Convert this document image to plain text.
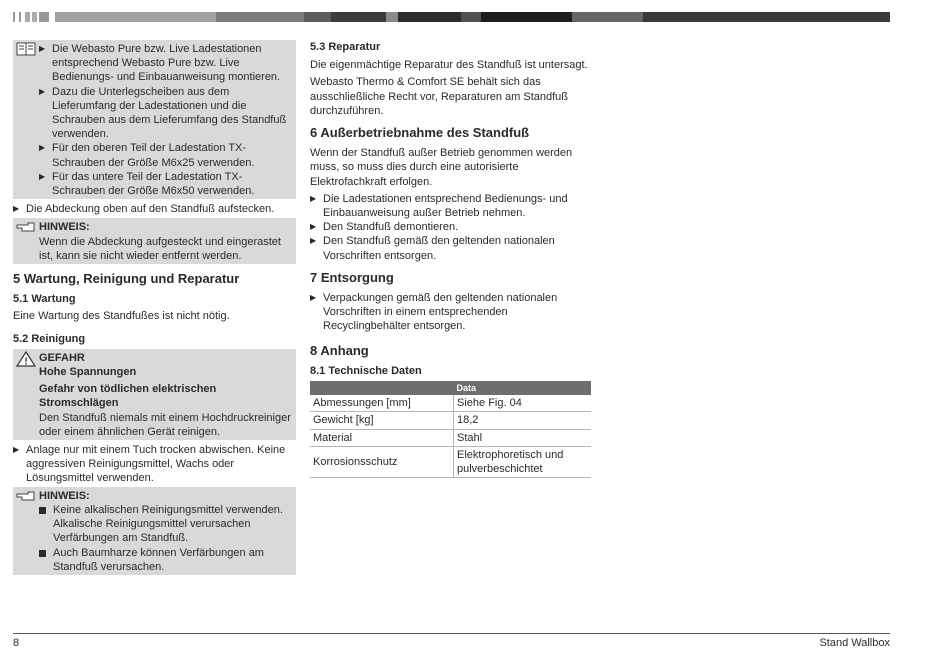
▶ Die Webasto Pure bzw. Live Ladestationen entsprechend Webasto Pure bzw. Live Bedienungs- und Einbauanweisung montieren.
▶ Dazu die Unterlegscheiben aus dem Lieferumfang der Ladestationen und die Schrauben aus dem Lieferumfang des Standfuß verwenden.
▶ Für den oberen Teil der Ladestation TX-Schrauben der Größe M6x25 verwenden.
▶ Für das untere Teil der Ladestation TX-Schrauben der Größe M6x50 verwenden.
▶ Die Abdeckung oben auf den Standfuß aufstecken.
HINWEIS:
Wenn die Abdeckung aufgesteckt und eingerastet ist, kann sie nicht wieder entfernt werden.
5 Wartung, Reinigung und Reparatur
5.1 Wartung
Eine Wartung des Standfußes ist nicht nötig.
5.2 Reinigung
! GEFAHR
Hohe Spannungen
Gefahr von tödlichen elektrischen Stromschlägen
Den Standfuß niemals mit einem Hochdruckreiniger oder einem ähnlichen Gerät reinigen.
▶ Anlage nur mit einem Tuch trocken abwischen. Keine aggressiven Reinigungsmittel, Wachs oder Lösungsmittel verwenden.
HINWEIS:
Keine alkalischen Reinigungsmittel verwenden. Alkalische Reinigungsmittel verursachen Verfärbungen am Standfuß.
Auch Baumharze können Verfärbungen am Standfuß verursachen.
5.3 Reparatur
Die eigenmächtige Reparatur des Standfuß ist untersagt.
Webasto Thermo & Comfort SE behält sich das ausschließliche Recht vor, Reparaturen am Standfuß durchzuführen.
6 Außerbetriebnahme des Standfuß
Wenn der Standfuß außer Betrieb genommen werden muss, so muss dies durch eine autorisierte Elektrofachkraft erfolgen.
▶ Die Ladestationen entsprechend Bedienungs- und Einbauanweisung außer Betrieb nehmen.
▶ Den Standfuß demontieren.
▶ Den Standfuß gemäß den geltenden nationalen Vorschriften entsorgen.
7 Entsorgung
▶ Verpackungen gemäß den geltenden nationalen Vorschriften in einem entsprechenden Recyclingbehälter entsorgen.
8 Anhang
8.1 Technische Daten
	Data
Abmessungen [mm]	Siehe Fig. 04
Gewicht [kg]	18,2
Material	Stahl
Korrosionsschutz	Elektrophoretisch und pulverbeschichtet
8	Stand Wallbox
